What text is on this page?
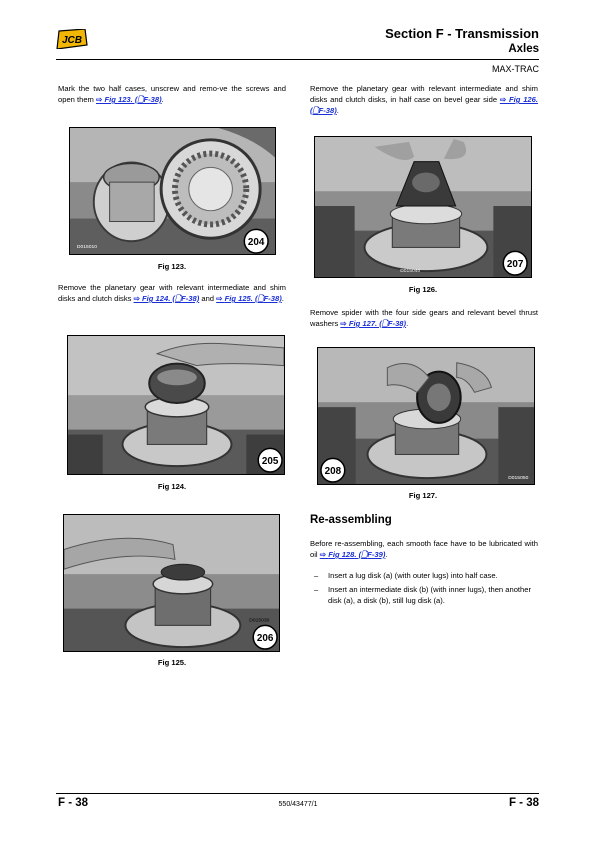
JCB	Section F - Transmission
Axles
MAX-TRAC
Mark the two half cases, unscrew and remo-ve the screws and open them ⇨ Fig 123. (🗋F-38).
D015010	204
Fig 123.
Remove the planetary gear with relevant intermediate and shim disks and clutch disks ⇨ Fig 124. (🗋F-38) and ⇨ Fig 125. (🗋F-38).
205
Fig 124.
D015030
206
Fig 125.
Remove the planetary gear with relevant intermediate and shim disks and clutch disks, in half case on bevel gear side ⇨ Fig 126. (🗋F-38).
D015040
207
Fig 126.
Remove spider with the four side gears and relevant bevel thrust washers ⇨ Fig 127. (🗋F-38).
208
D015050
Fig 127.
Re-assembling
Before re-assembling, each smooth face have to be lubricated with oil ⇨ Fig 128. (🗋F-39).
– Insert a lug disk (a) (with outer lugs) into half case.
– Insert an intermediate disk (b) (with inner lugs), then another disk (a), a disk (b), still lug disk (a).
F - 38	550/43477/1	F - 38
